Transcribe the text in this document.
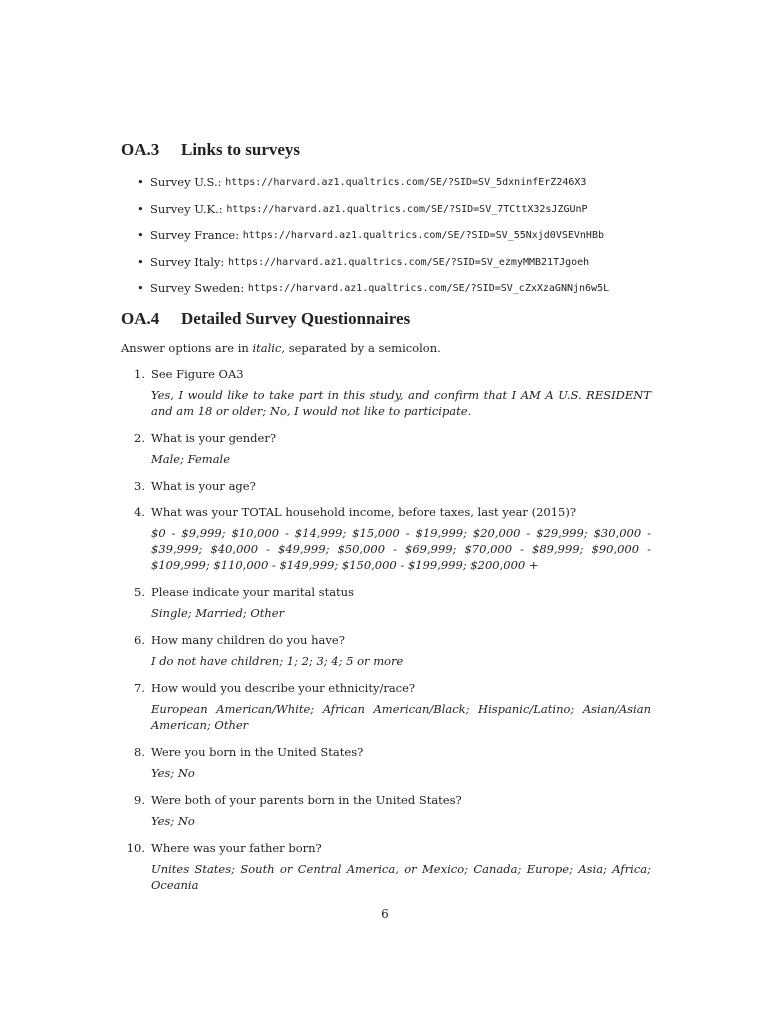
OA.3	Links to surveys
• Survey U.S.:
https://harvard.az1.qualtrics.com/SE/?SID=SV_5dxninfErZ246X3
• Survey U.K.:
https://harvard.az1.qualtrics.com/SE/?SID=SV_7TCttX32sJZGUnP
• Survey France:
https://harvard.az1.qualtrics.com/SE/?SID=SV_55Nxjd0VSEVnHBb
• Survey Italy:
https://harvard.az1.qualtrics.com/SE/?SID=SV_ezmyMMB21TJgoeh
• Survey Sweden:
https://harvard.az1.qualtrics.com/SE/?SID=SV_cZxXzaGNNjn6w5L
OA.4	Detailed Survey Questionnaires

Answer options are in italic, separated by a semicolon.

1. See Figure OA3
Yes, I would like to take part in this study, and confirm that I AM A U.S. RESIDENT and am 18 or older; No, I would not like to participate.
2. What is your gender?
Male; Female
3. What is your age?
4. What was your TOTAL household income, before taxes, last year (2015)?
$0 - $9,999; $10,000 - $14,999; $15,000 - $19,999; $20,000 - $29,999; $30,000 - $39,999; $40,000 - $49,999; $50,000 - $69,999; $70,000 - $89,999; $90,000 - $109,999; $110,000 - $149,999; $150,000 - $199,999; $200,000 +
5. Please indicate your marital status
Single; Married; Other
6. How many children do you have?
I do not have children; 1; 2; 3; 4; 5 or more
7. How would you describe your ethnicity/race?
European American/White; African American/Black; Hispanic/Latino; Asian/Asian American; Other
8. Were you born in the United States?
Yes; No
9. Were both of your parents born in the United States?
Yes; No
10. Where was your father born?
Unites States; South or Central America, or Mexico; Canada; Europe; Asia; Africa; Oceania
6
